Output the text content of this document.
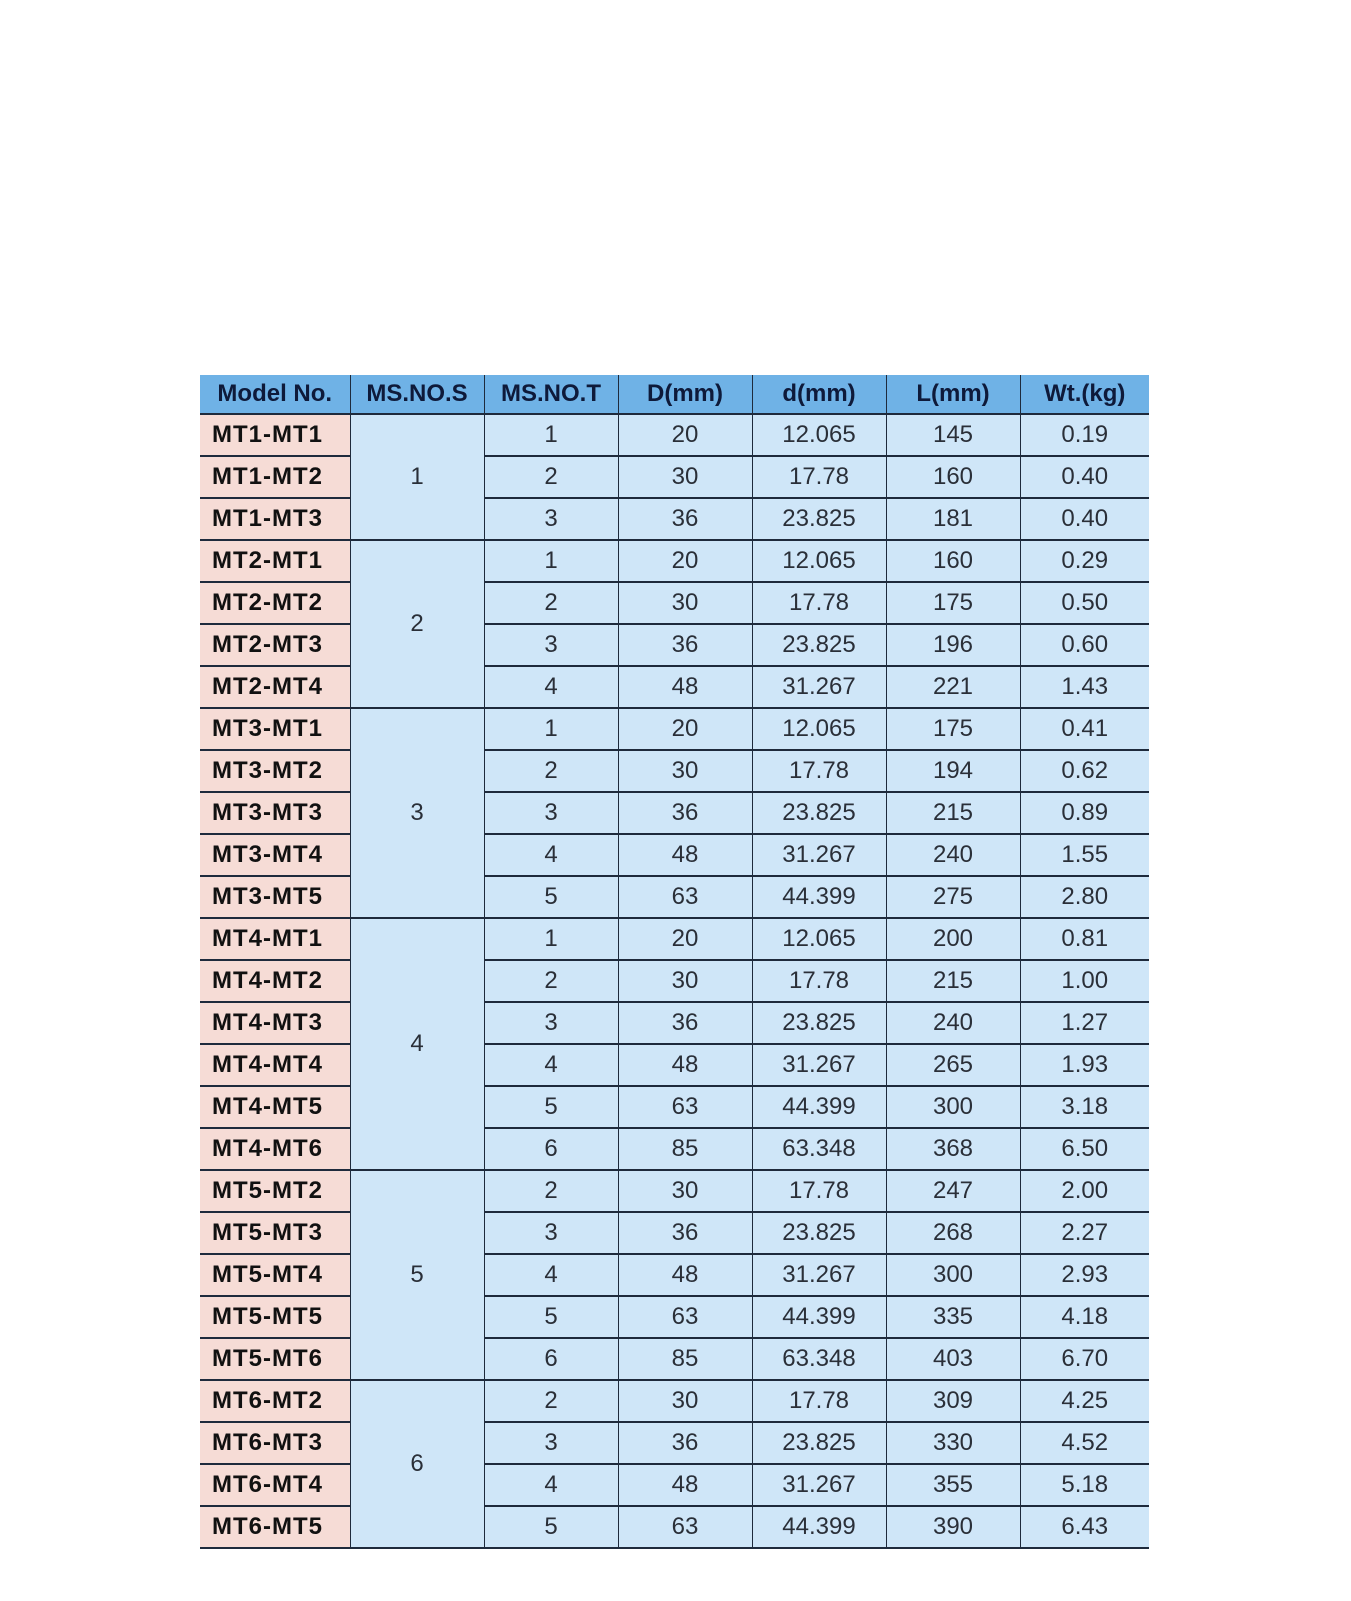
Model No.	MS.NO.S	MS.NO.T	D(mm)	d(mm)	L(mm)	Wt.(kg)
MT1-MT1	1	1	20	12.065	145	0.19
MT1-MT2		2	30	17.78	160	0.40
MT1-MT3		3	36	23.825	181	0.40
MT2-MT1	2	1	20	12.065	160	0.29
MT2-MT2		2	30	17.78	175	0.50
MT2-MT3		3	36	23.825	196	0.60
MT2-MT4		4	48	31.267	221	1.43
MT3-MT1	3	1	20	12.065	175	0.41
MT3-MT2		2	30	17.78	194	0.62
MT3-MT3		3	36	23.825	215	0.89
MT3-MT4		4	48	31.267	240	1.55
MT3-MT5		5	63	44.399	275	2.80
MT4-MT1	4	1	20	12.065	200	0.81
MT4-MT2		2	30	17.78	215	1.00
MT4-MT3		3	36	23.825	240	1.27
MT4-MT4		4	48	31.267	265	1.93
MT4-MT5		5	63	44.399	300	3.18
MT4-MT6		6	85	63.348	368	6.50
MT5-MT2	5	2	30	17.78	247	2.00
MT5-MT3		3	36	23.825	268	2.27
MT5-MT4		4	48	31.267	300	2.93
MT5-MT5		5	63	44.399	335	4.18
MT5-MT6		6	85	63.348	403	6.70
MT6-MT2	6	2	30	17.78	309	4.25
MT6-MT3		3	36	23.825	330	4.52
MT6-MT4		4	48	31.267	355	5.18
MT6-MT5		5	63	44.399	390	6.43
